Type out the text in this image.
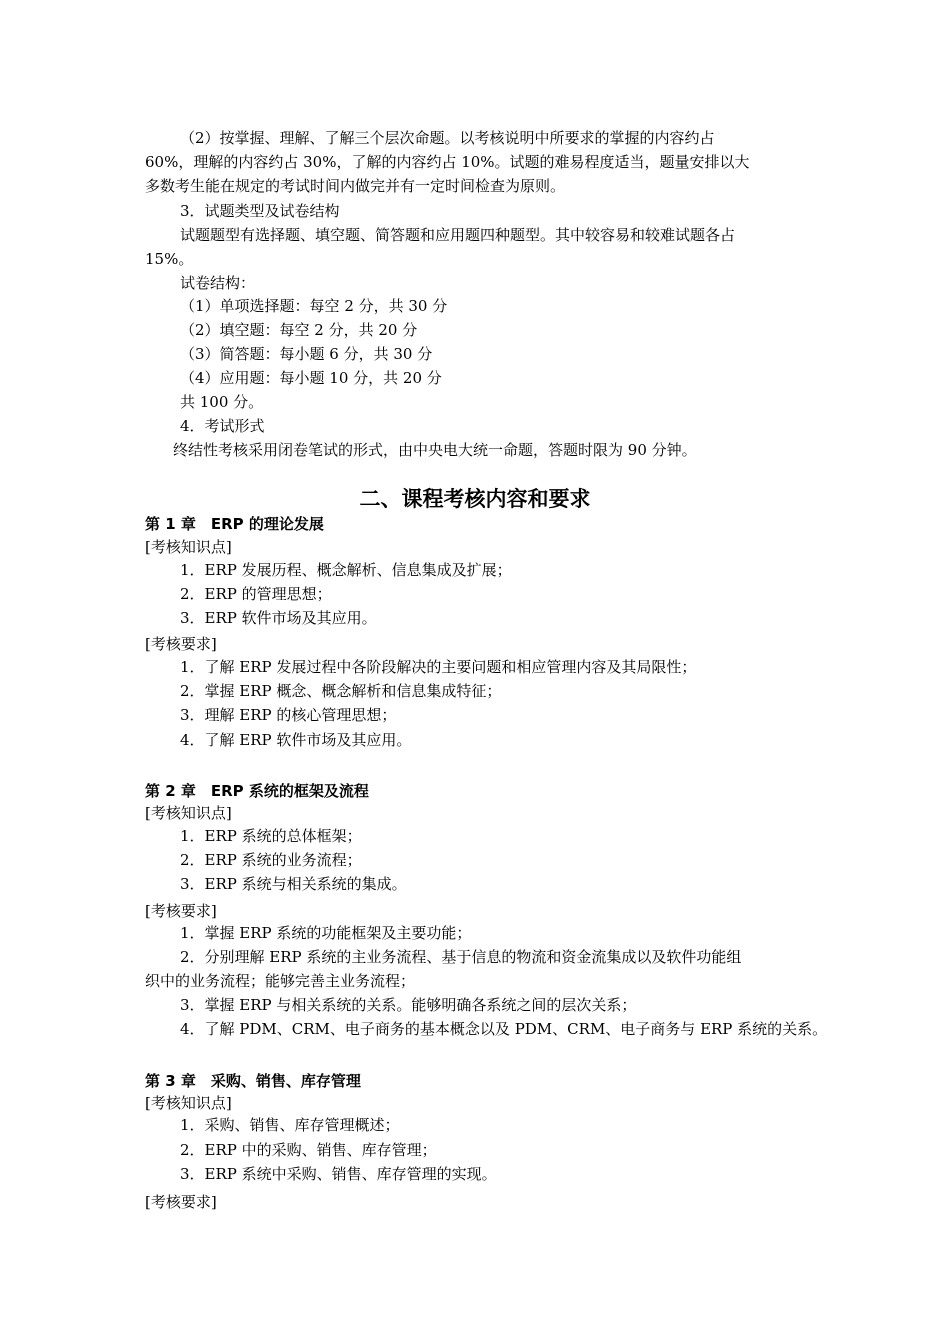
（2）按掌握、理解、了解三个层次命题。以考核说明中所要求的掌握的内容约占
60%，理解的内容约占 30%，了解的内容约占 10%。试题的难易程度适当，题量安排以大
多数考生能在规定的考试时间内做完并有一定时间检查为原则。
3．试题类型及试卷结构
试题题型有选择题、填空题、简答题和应用题四种题型。其中较容易和较难试题各占
15%。
试卷结构：
（1）单项选择题：每空 2 分，共 30 分
（2）填空题：每空 2 分，共 20 分
（3）简答题：每小题 6 分，共 30 分
（4）应用题：每小题 10 分，共 20 分
共 100 分。
4．考试形式
终结性考核采用闭卷笔试的形式，由中央电大统一命题，答题时限为 90 分钟。
二、课程考核内容和要求
第 1 章　ERP 的理论发展
[考核知识点]
1．ERP 发展历程、概念解析、信息集成及扩展；
2．ERP 的管理思想；
3．ERP 软件市场及其应用。
[考核要求]
1．了解 ERP 发展过程中各阶段解决的主要问题和相应管理内容及其局限性；
2．掌握 ERP 概念、概念解析和信息集成特征；
3．理解 ERP 的核心管理思想；
4．了解 ERP 软件市场及其应用。
第 2 章　ERP 系统的框架及流程
[考核知识点]
1．ERP 系统的总体框架；
2．ERP 系统的业务流程；
3．ERP 系统与相关系统的集成。
[考核要求]
1．掌握 ERP 系统的功能框架及主要功能；
2．分别理解 ERP 系统的主业务流程、基于信息的物流和资金流集成以及软件功能组
织中的业务流程；能够完善主业务流程；
3．掌握 ERP 与相关系统的关系。能够明确各系统之间的层次关系；
4．了解 PDM、CRM、电子商务的基本概念以及 PDM、CRM、电子商务与 ERP 系统的关系。
第 3 章　采购、销售、库存管理
[考核知识点]
1．采购、销售、库存管理概述；
2．ERP 中的采购、销售、库存管理；
3．ERP 系统中采购、销售、库存管理的实现。
[考核要求]
